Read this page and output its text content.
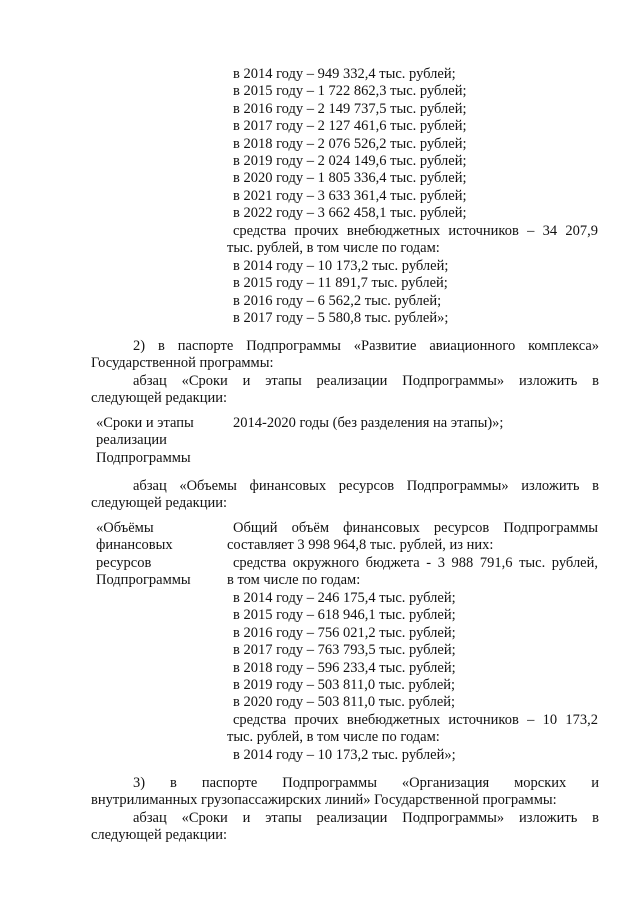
в 2014 году – 949 332,4 тыс. рублей;
в 2015 году – 1 722 862,3 тыс. рублей;
в 2016 году – 2 149 737,5 тыс. рублей;
в 2017 году – 2 127 461,6 тыс. рублей;
в 2018 году – 2 076 526,2 тыс. рублей;
в 2019 году – 2 024 149,6 тыс. рублей;
в 2020 году – 1 805 336,4 тыс. рублей;
в 2021 году – 3 633 361,4 тыс. рублей;
в 2022 году – 3 662 458,1 тыс. рублей;
средства прочих внебюджетных источников – 34 207,9
тыс. рублей, в том числе по годам:
в 2014 году – 10 173,2 тыс. рублей;
в 2015 году – 11 891,7 тыс. рублей;
в 2016 году – 6 562,2 тыс. рублей;
в 2017 году – 5 580,8 тыс. рублей»;
2) в паспорте Подпрограммы «Развитие авиационного комплекса»
Государственной программы:
абзац «Сроки и этапы реализации Подпрограммы» изложить в
следующей редакции:
«Сроки и этапы
реализации
Подпрограммы
2014-2020 годы (без разделения на этапы)»;
абзац «Объемы финансовых ресурсов Подпрограммы» изложить в
следующей редакции:
«Объёмы
финансовых
ресурсов
Подпрограммы
Общий объём финансовых ресурсов Подпрограммы
составляет 3 998 964,8 тыс. рублей, из них:
средства окружного бюджета - 3 988 791,6 тыс. рублей,
в том числе по годам:
в 2014 году – 246 175,4 тыс. рублей;
в 2015 году – 618 946,1 тыс. рублей;
в 2016 году – 756 021,2 тыс. рублей;
в 2017 году – 763 793,5 тыс. рублей;
в 2018 году – 596 233,4 тыс. рублей;
в 2019 году – 503 811,0 тыс. рублей;
в 2020 году – 503 811,0 тыс. рублей;
средства прочих внебюджетных источников – 10 173,2
тыс. рублей, в том числе по годам:
в 2014 году – 10 173,2 тыс. рублей»;
3) в паспорте Подпрограммы «Организация морских и
внутрилиманных грузопассажирских линий» Государственной программы:
абзац «Сроки и этапы реализации Подпрограммы» изложить в
следующей редакции:
